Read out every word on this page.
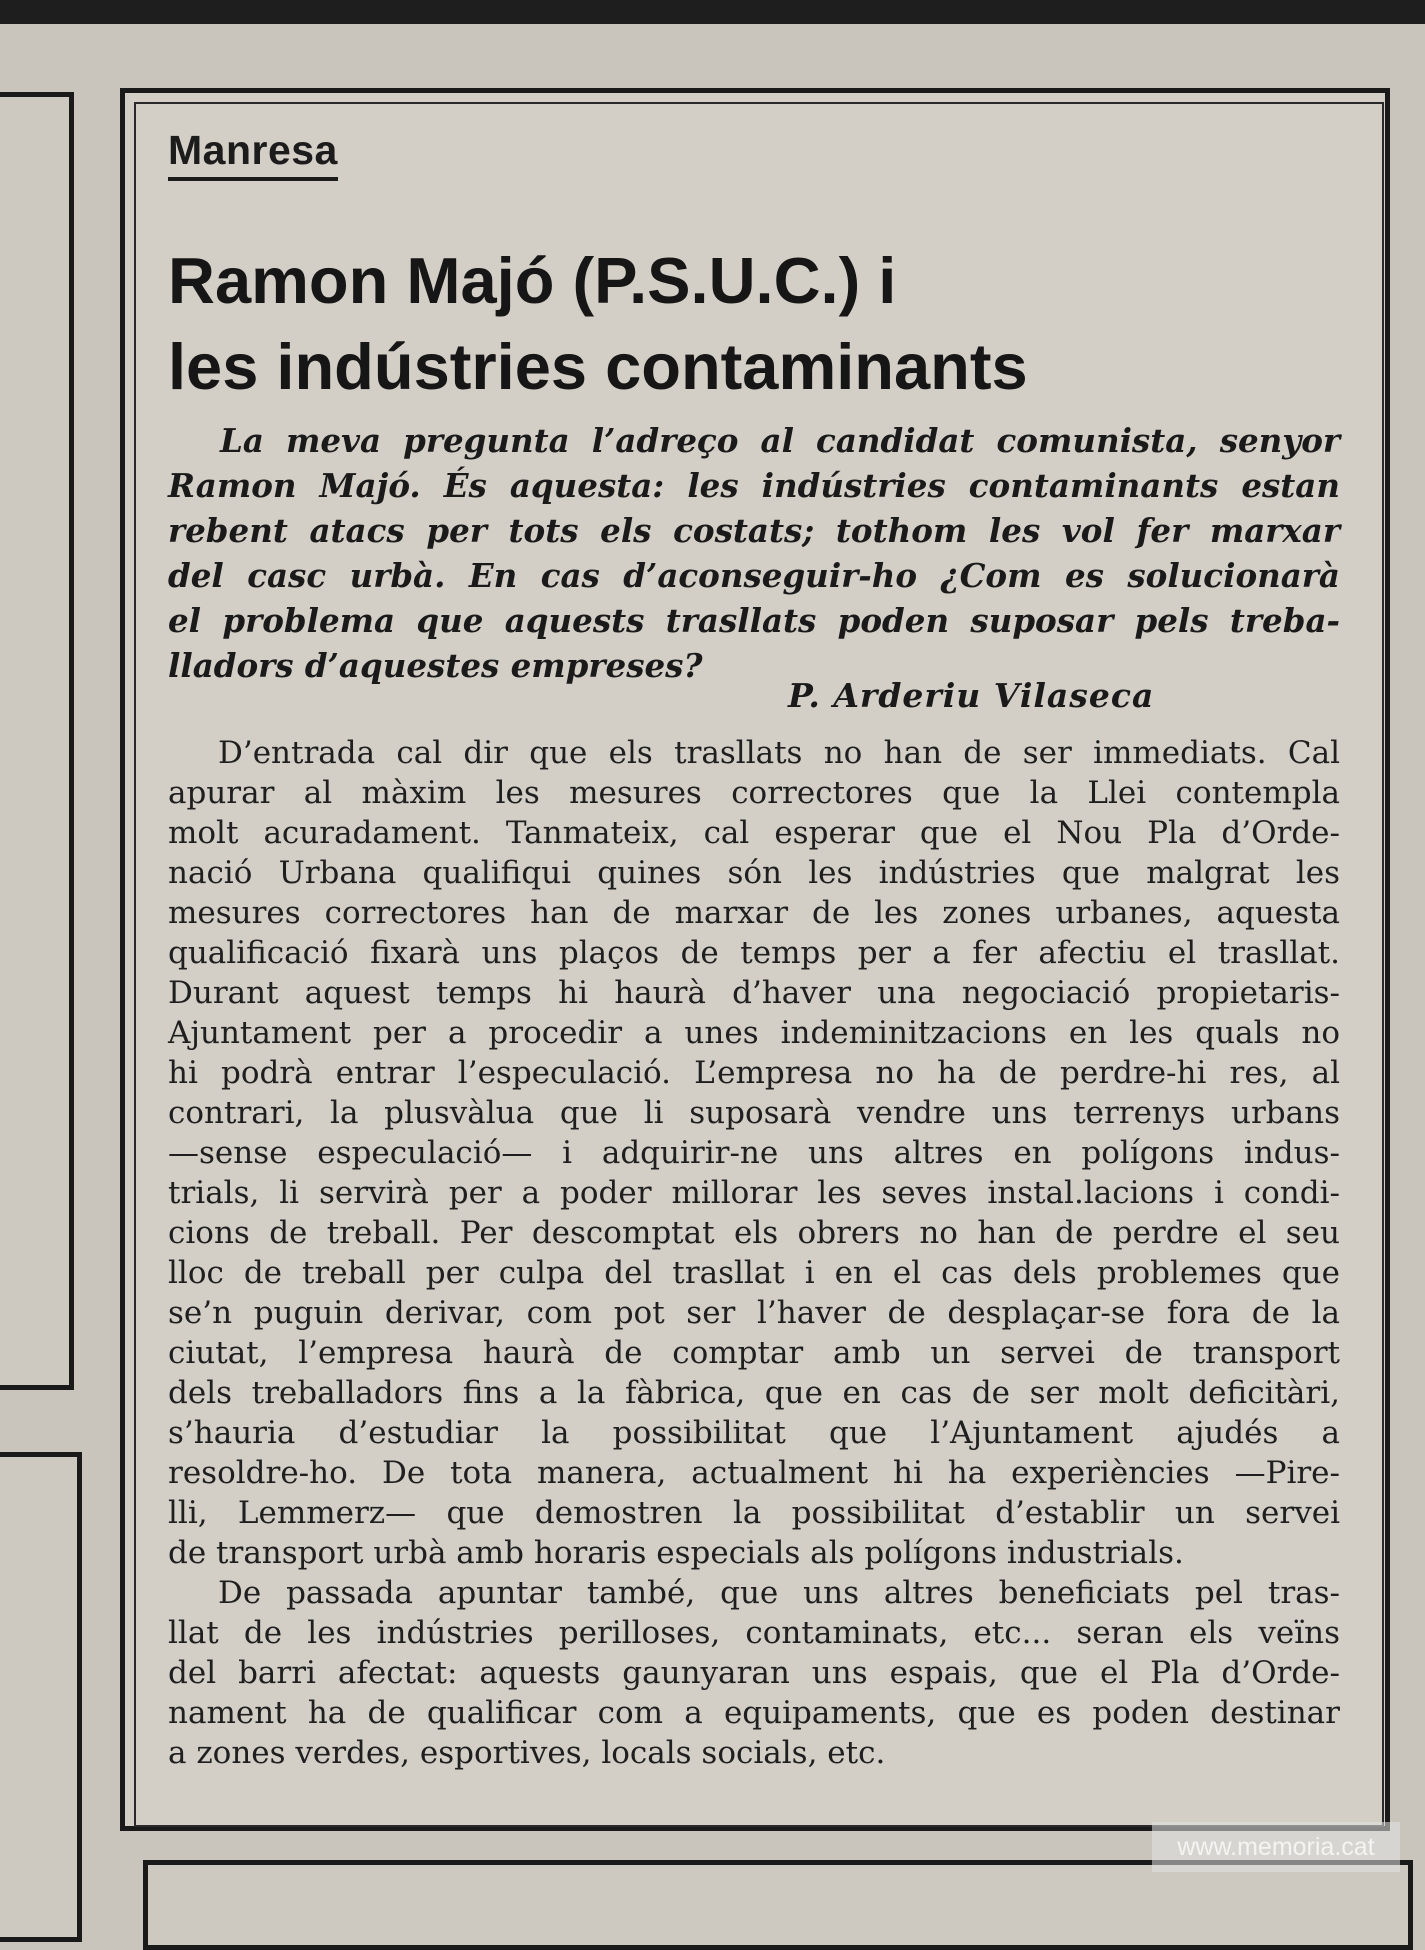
Manresa
Ramon Majó (P.S.U.C.) i
les indústries contaminants
La meva pregunta l’adreço al candidat comunista, senyor
Ramon Majó. És aquesta: les indústries contaminants estan
rebent atacs per tots els costats; tothom les vol fer marxar
del casc urbà. En cas d’aconseguir-ho ¿Com es solucionarà
el problema que aquests trasllats poden suposar pels treba-
lladors d’aquestes empreses?
P. Arderiu Vilaseca
D’entrada cal dir que els trasllats no han de ser immediats. Cal
apurar al màxim les mesures correctores que la Llei contempla
molt acuradament. Tanmateix, cal esperar que el Nou Pla d’Orde-
nació Urbana qualifiqui quines són les indústries que malgrat les
mesures correctores han de marxar de les zones urbanes, aquesta
qualificació fixarà uns plaços de temps per a fer afectiu el trasllat.
Durant aquest temps hi haurà d’haver una negociació propietaris-
Ajuntament per a procedir a unes indeminitzacions en les quals no
hi podrà entrar l’especulació. L’empresa no ha de perdre-hi res, al
contrari, la plusvàlua que li suposarà vendre uns terrenys urbans
—sense especulació— i adquirir-ne uns altres en polígons indus-
trials, li servirà per a poder millorar les seves instal.lacions i condi-
cions de treball. Per descomptat els obrers no han de perdre el seu
lloc de treball per culpa del trasllat i en el cas dels problemes que
se’n puguin derivar, com pot ser l’haver de desplaçar-se fora de la
ciutat, l’empresa haurà de comptar amb un servei de transport
dels treballadors fins a la fàbrica, que en cas de ser molt deficitàri,
s’hauria d’estudiar la possibilitat que l’Ajuntament ajudés a
resoldre-ho. De tota manera, actualment hi ha experiències —Pire-
lli, Lemmerz— que demostren la possibilitat d’establir un servei
de transport urbà amb horaris especials als polígons industrials.
De passada apuntar també, que uns altres beneficiats pel tras-
llat de les indústries perilloses, contaminats, etc... seran els veïns
del barri afectat: aquests gaunyaran uns espais, que el Pla d’Orde-
nament ha de qualificar com a equipaments, que es poden destinar
a zones verdes, esportives, locals socials, etc.
www.memoria.cat
